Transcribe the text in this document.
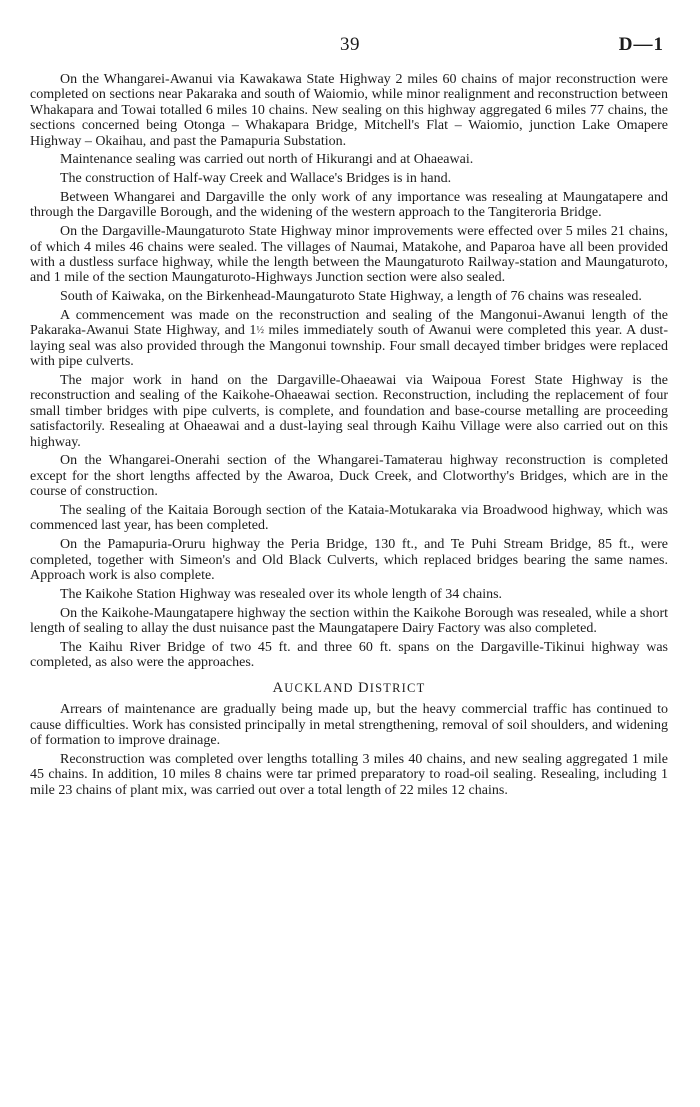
39	D—1

On the Whangarei-Awanui via Kawakawa State Highway 2 miles 60 chains of major reconstruction were completed on sections near Pakaraka and south of Waiomio, while minor realignment and reconstruction between Whakapara and Towai totalled 6 miles 10 chains. New sealing on this highway aggregated 6 miles 77 chains, the sections concerned being Otonga – Whakapara Bridge, Mitchell's Flat – Waiomio, junction Lake Omapere Highway – Okaihau, and past the Pamapuria Substation.

Maintenance sealing was carried out north of Hikurangi and at Ohaeawai.

The construction of Half-way Creek and Wallace's Bridges is in hand.

Between Whangarei and Dargaville the only work of any importance was resealing at Maungatapere and through the Dargaville Borough, and the widening of the western approach to the Tangiteroria Bridge.

On the Dargaville-Maungaturoto State Highway minor improvements were effected over 5 miles 21 chains, of which 4 miles 46 chains were sealed. The villages of Naumai, Matakohe, and Paparoa have all been provided with a dustless surface highway, while the length between the Maungaturoto Railway-station and Maungaturoto, and 1 mile of the section Maungaturoto-Highways Junction section were also sealed.

South of Kaiwaka, on the Birkenhead-Maungaturoto State Highway, a length of 76 chains was resealed.

A commencement was made on the reconstruction and sealing of the Mangonui-Awanui length of the Pakaraka-Awanui State Highway, and 1½ miles immediately south of Awanui were completed this year. A dust-laying seal was also provided through the Mangonui township. Four small decayed timber bridges were replaced with pipe culverts.

The major work in hand on the Dargaville-Ohaeawai via Waipoua Forest State Highway is the reconstruction and sealing of the Kaikohe-Ohaeawai section. Reconstruction, including the replacement of four small timber bridges with pipe culverts, is complete, and foundation and base-course metalling are proceeding satisfactorily. Resealing at Ohaeawai and a dust-laying seal through Kaihu Village were also carried out on this highway.

On the Whangarei-Onerahi section of the Whangarei-Tamaterau highway reconstruction is completed except for the short lengths affected by the Awaroa, Duck Creek, and Clotworthy's Bridges, which are in the course of construction.

The sealing of the Kaitaia Borough section of the Kataia-Motukaraka via Broadwood highway, which was commenced last year, has been completed.

On the Pamapuria-Oruru highway the Peria Bridge, 130 ft., and Te Puhi Stream Bridge, 85 ft., were completed, together with Simeon's and Old Black Culverts, which replaced bridges bearing the same names. Approach work is also complete.

The Kaikohe Station Highway was resealed over its whole length of 34 chains.

On the Kaikohe-Maungatapere highway the section within the Kaikohe Borough was resealed, while a short length of sealing to allay the dust nuisance past the Maungatapere Dairy Factory was also completed.

The Kaihu River Bridge of two 45 ft. and three 60 ft. spans on the Dargaville-Tikinui highway was completed, as also were the approaches.

AUCKLAND DISTRICT

Arrears of maintenance are gradually being made up, but the heavy commercial traffic has continued to cause difficulties. Work has consisted principally in metal strengthening, removal of soil shoulders, and widening of formation to improve drainage.

Reconstruction was completed over lengths totalling 3 miles 40 chains, and new sealing aggregated 1 mile 45 chains. In addition, 10 miles 8 chains were tar primed preparatory to road-oil sealing. Resealing, including 1 mile 23 chains of plant mix, was carried out over a total length of 22 miles 12 chains.
